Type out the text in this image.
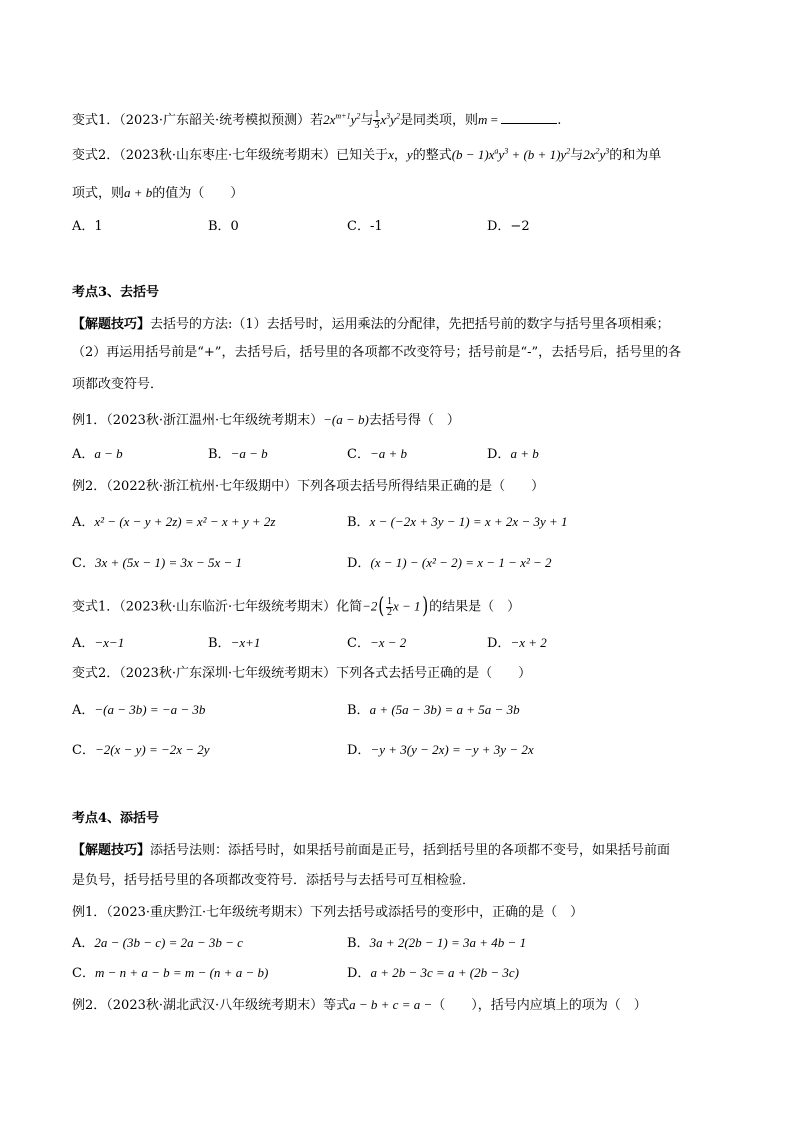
变式1．（2023·广东韶关·统考模拟预测）若$2x^{m+1}y^2$与 $\frac{1}{3} x^3y^2$是同类项，则m =	.
变式2．（2023秋·山东枣庄·七年级统考期末）已知关于x，y的整式$(b - 1)x^ay^3 + (b + 1)y^2$与$2x^2y^3$的和为单
项式，则a + b的值为（　　）
A．1	B．0	C．-1	D．−2
考点3、去括号
【解题技巧】去括号的方法:（1）去括号时，运用乘法的分配律，先把括号前的数字与括号里各项相乘；
（2）再运用括号前是“+”，去括号后，括号里的各项都不改变符号；括号前是“-”，去括号后，括号里的各
项都改变符号．
例1．（2023秋·浙江温州·七年级统考期末）−(a − b)去括号得（　）
A．a − b	B．−a − b	C．−a + b	D．a + b
例2．（2022秋·浙江杭州·七年级期中）下列各项去括号所得结果正确的是（　　）
A．x² − (x − y + 2z) = x² − x + y + 2z	B．x − (−2x + 3y − 1) = x + 2x − 3y + 1
C．3x + (5x − 1) = 3x − 5x − 1	D．(x − 1) − (x² − 2) = x − 1 − x² − 2
变式1．（2023秋·山东临沂·七年级统考期末）化简$-2( \frac{1}{2}$ x − 1)的结果是（　）
A．−x−1	B．−x+1	C．−x − 2	D．−x + 2
变式2．（2023秋·广东深圳·七年级统考期末）下列各式去括号正确的是（　　）
A．−(a − 3b) = −a − 3b	B．a + (5a − 3b) = a + 5a − 3b
C．−2(x − y) = −2x − 2y	D．−y + 3(y − 2x) = −y + 3y − 2x
考点4、添括号
【解题技巧】添括号法则：添括号时，如果括号前面是正号，括到括号里的各项都不变号，如果括号前面
是负号，括号括号里的各项都改变符号．添括号与去括号可互相检验．
例1．（2023·重庆黔江·七年级统考期末）下列去括号或添括号的变形中，正确的是（　）
A．2a − (3b − c) = 2a − 3b − c	B．3a + 2(2b − 1) = 3a + 4b − 1
C．m − n + a − b = m − (n + a − b)	D．a + 2b − 3c = a + (2b − 3c)
例2．（2023秋·湖北武汉·八年级统考期末）等式a − b + c = a −（　　），括号内应填上的项为（　）
